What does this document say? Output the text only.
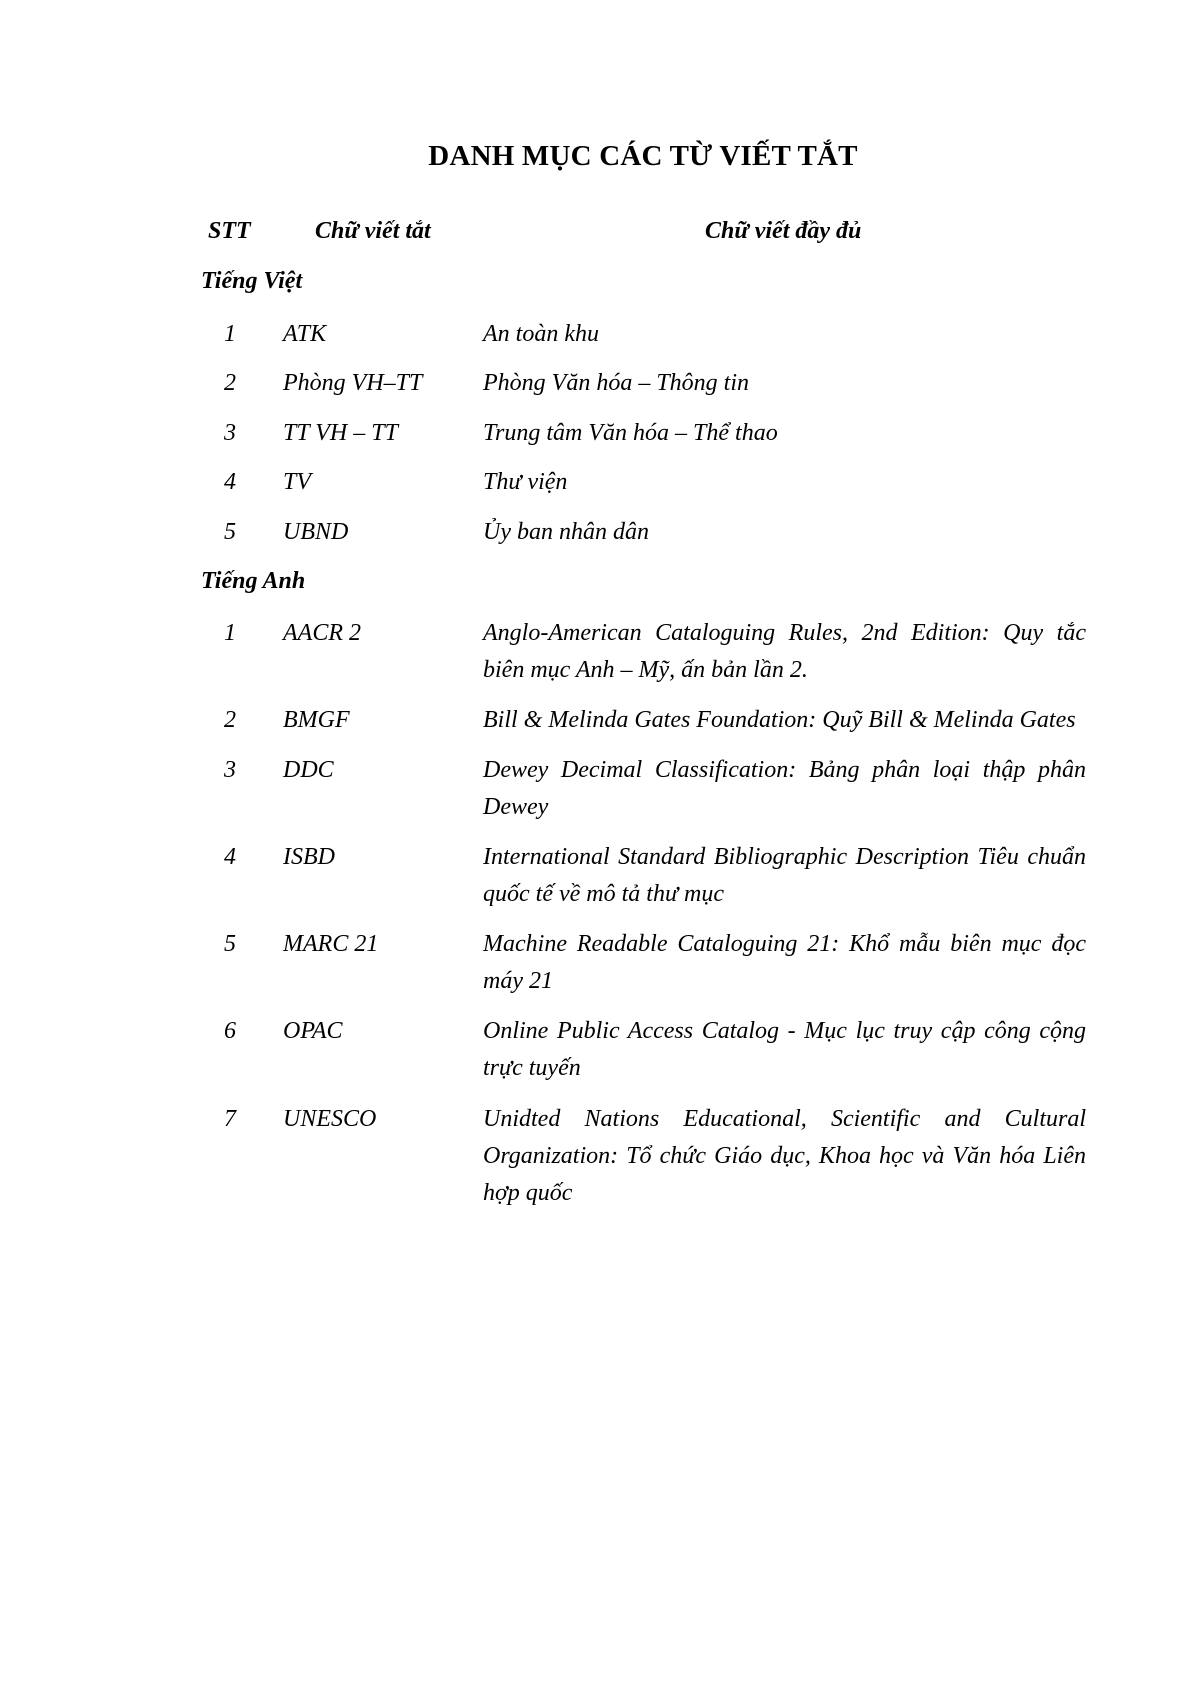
DANH MỤC CÁC TỪ VIẾT TẮT
STT	Chữ viết tắt	Chữ viết đầy đủ
Tiếng Việt
1 ATK	An toàn khu
2 Phòng VH–TT	Phòng Văn hóa – Thông tin
3 TT VH – TT	Trung tâm Văn hóa – Thể thao
4 TV	Thư viện
5 UBND	Ủy ban nhân dân
Tiếng Anh
1 AACR 2	Anglo-American Cataloguing Rules, 2nd Edition: Quy tắc biên mục Anh – Mỹ, ấn bản lần 2.
2 BMGF	Bill & Melinda Gates Foundation: Quỹ Bill & Melinda Gates
3 DDC	Dewey Decimal Classification: Bảng phân loại thập phân Dewey
4 ISBD	International Standard Bibliographic Description Tiêu chuẩn quốc tế về mô tả thư mục
5 MARC 21	Machine Readable Cataloguing 21: Khổ mẫu biên mục đọc máy 21
6 OPAC	Online Public Access Catalog - Mục lục truy cập công cộng trực tuyến
7 UNESCO	Unidted Nations Educational, Scientific and Cultural Organization: Tổ chức Giáo dục, Khoa học và Văn hóa Liên hợp quốc
